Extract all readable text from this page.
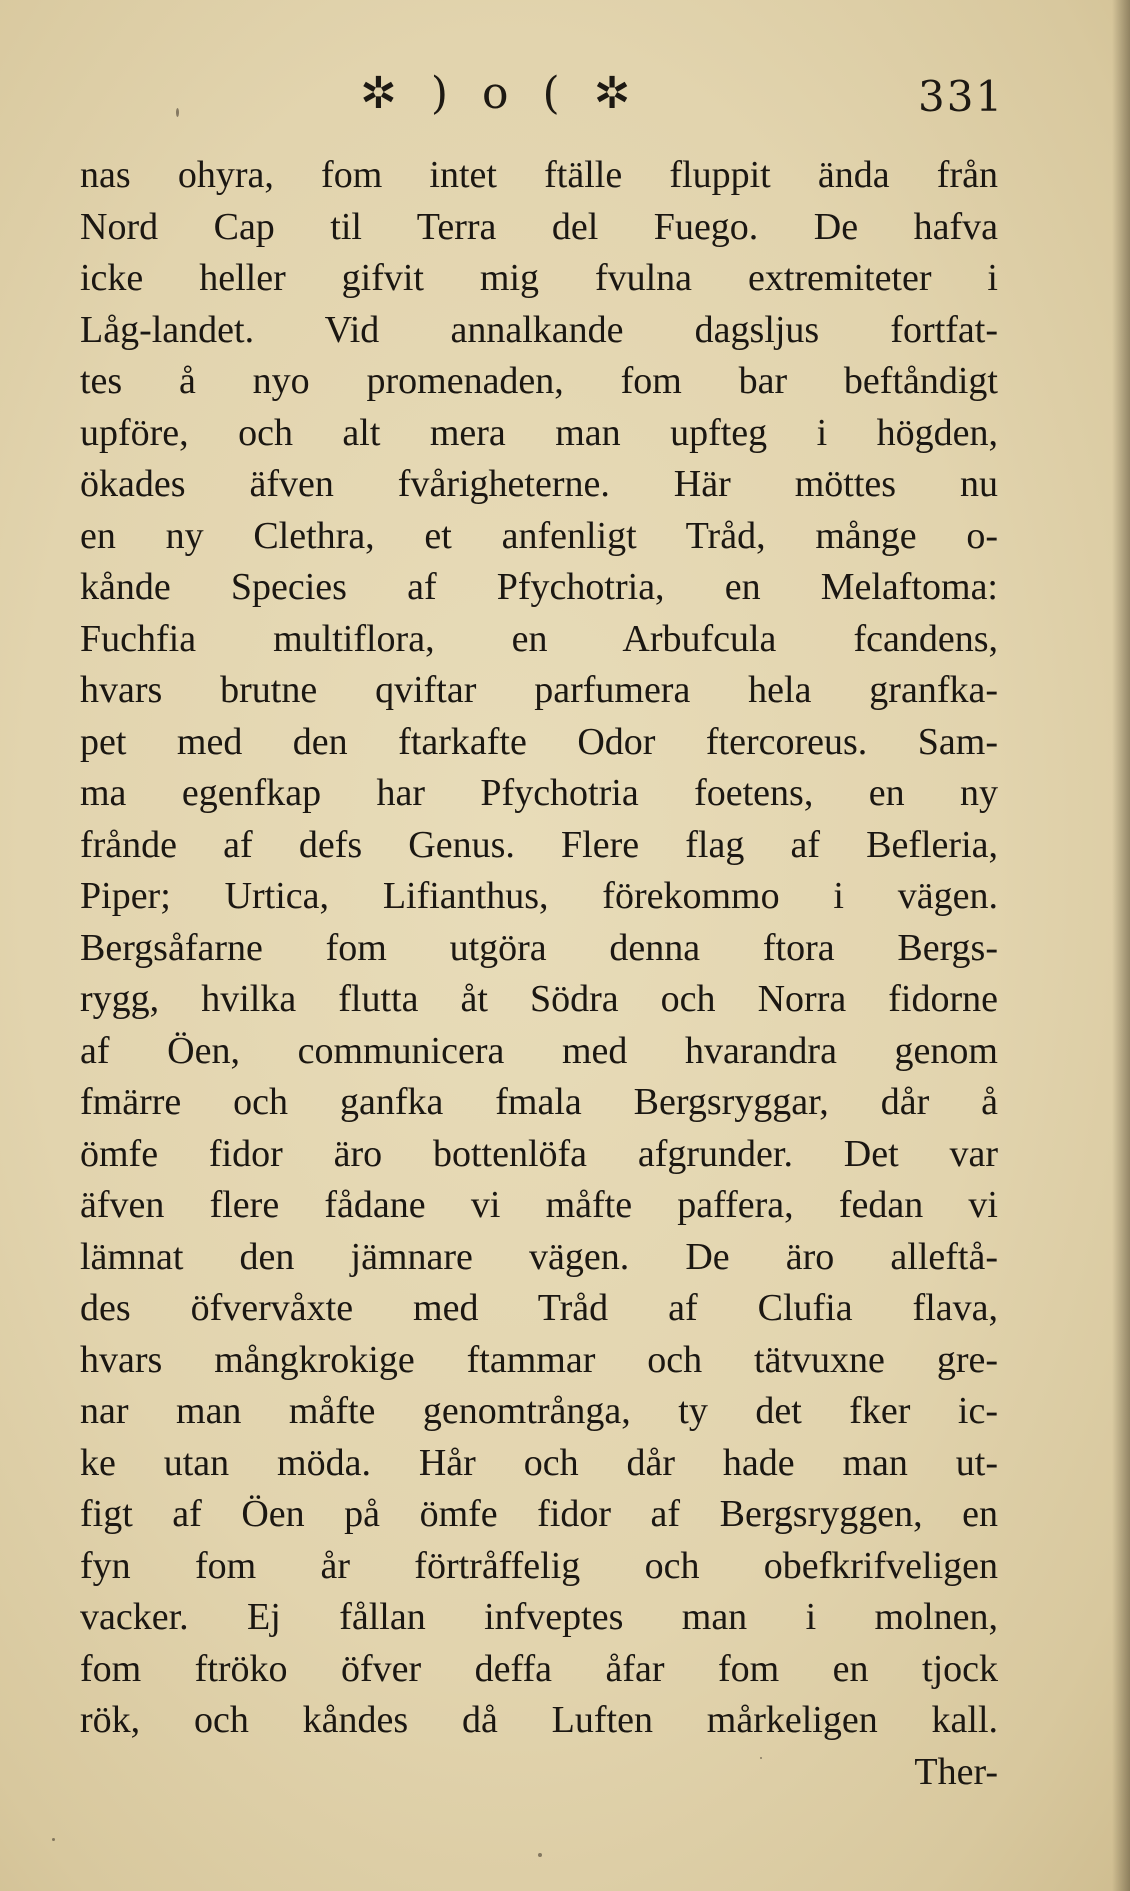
✲ ) o ( ✲	331
nas ohyra, fom intet ftälle fluppit ända från
Nord Cap til Terra del Fuego. De hafva
icke heller gifvit mig fvulna extremiteter i
Låg-landet. Vid annalkande dagsljus fortfat-
tes å nyo promenaden, fom bar beftåndigt
upföre, och alt mera man upfteg i högden,
ökades äfven fvårigheterne. Här möttes nu
en ny Clethra, et anfenligt Tråd, månge o-
kånde Species af Pfychotria, en Melaftoma:
Fuchfia multiflora, en Arbufcula fcandens,
hvars brutne qviftar parfumera hela granfka-
pet med den ftarkafte Odor ftercoreus. Sam-
ma egenfkap har Pfychotria foetens, en ny
frånde af defs Genus. Flere flag af Befleria,
Piper; Urtica, Lifianthus, förekommo i vägen.
Bergsåfarne fom utgöra denna ftora Bergs-
rygg, hvilka flutta åt Södra och Norra fidorne
af Öen, communicera med hvarandra genom
fmärre och ganfka fmala Bergsryggar, dår å
ömfe fidor äro bottenlöfa afgrunder. Det var
äfven flere fådane vi måfte paffera, fedan vi
lämnat den jämnare vägen. De äro alleftå-
des öfvervåxte med Tråd af Clufia flava,
hvars mångkrokige ftammar och tätvuxne gre-
nar man måfte genomtrånga, ty det fker ic-
ke utan möda. Hår och dår hade man ut-
figt af Öen på ömfe fidor af Bergsryggen, en
fyn fom år förtråffelig och obefkrifveligen
vacker. Ej fållan infveptes man i molnen,
fom ftröko öfver deffa åfar fom en tjock
rök, och kåndes då Luften mårkeligen kall.
Ther-
